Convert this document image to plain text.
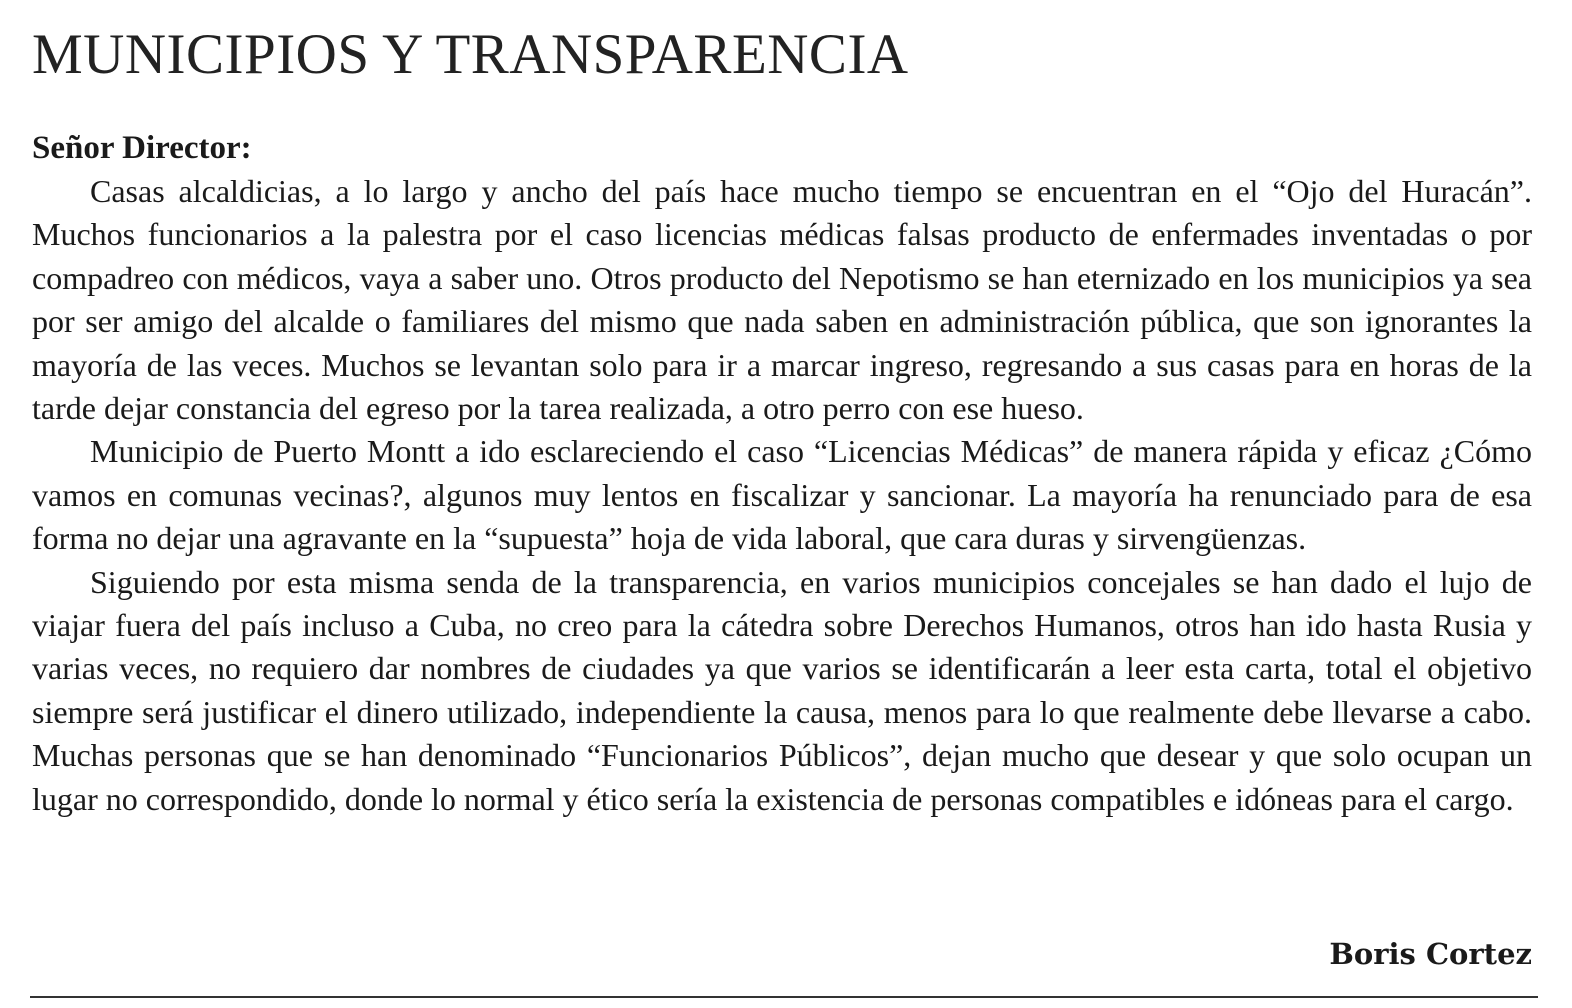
MUNICIPIOS Y TRANSPARENCIA
Señor Director:

Casas alcaldicias, a lo largo y ancho del país hace mucho tiempo se encuentran en el “Ojo del Huracán”. Muchos funcionarios a la palestra por el caso licencias médicas falsas producto de enfermades inventadas o por compadreo con médicos, vaya a saber uno. Otros producto del Nepotismo se han eternizado en los municipios ya sea por ser amigo del alcalde o familiares del mismo que nada saben en administración pública, que son ignorantes la mayoría de las veces. Muchos se levantan solo para ir a marcar ingreso, regresando a sus casas para en horas de la tarde dejar constancia del egreso por la tarea realizada, a otro perro con ese hueso.

Municipio de Puerto Montt a ido esclareciendo el caso “Licencias Médicas” de manera rápida y eficaz ¿Cómo vamos en comunas vecinas?, algunos muy lentos en fiscalizar y sancionar. La mayoría ha renunciado para de esa forma no dejar una agravante en la “supuesta” hoja de vida laboral, que cara duras y sirvengüenzas.

Siguiendo por esta misma senda de la transparencia, en varios municipios concejales se han dado el lujo de viajar fuera del país incluso a Cuba, no creo para la cátedra sobre Derechos Humanos, otros han ido hasta Rusia y varias veces, no requiero dar nombres de ciudades ya que varios se identificarán a leer esta carta, total el objetivo siempre será justificar el dinero utilizado, independiente la causa, menos para lo que realmente debe llevarse a cabo. Muchas personas que se han denominado “Funcionarios Públicos”, dejan mucho que desear y que solo ocupan un lugar no correspondido, donde lo normal y ético sería la existencia de personas compatibles e idóneas para el cargo.

Boris Cortez
